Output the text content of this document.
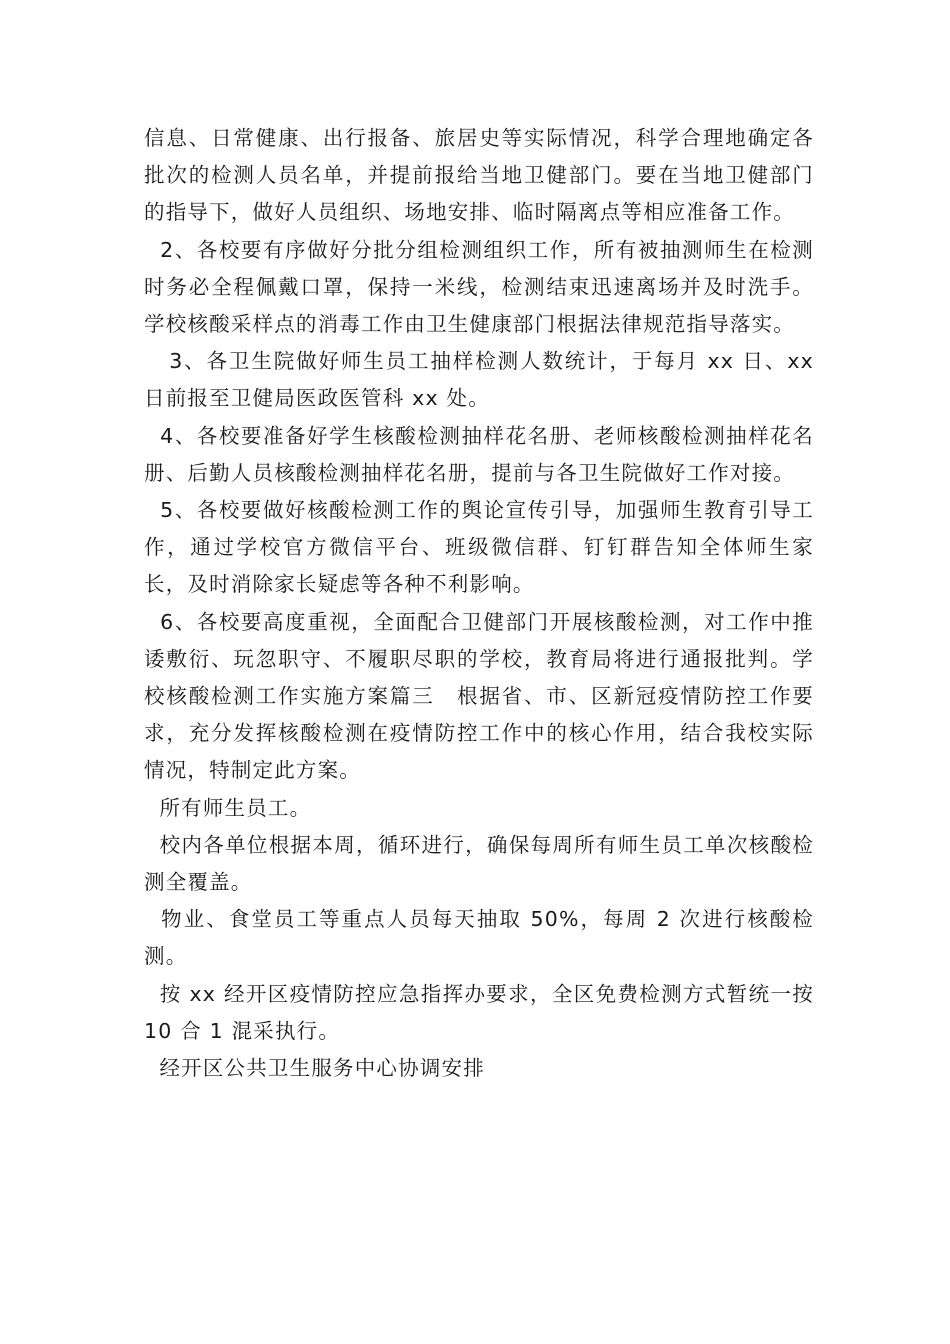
信息、日常健康、出行报备、旅居史等实际情况，科学合理地确定各批次的检测人员名单，并提前报给当地卫健部门。要在当地卫健部门的指导下，做好人员组织、场地安排、临时隔离点等相应准备工作。

2、各校要有序做好分批分组检测组织工作，所有被抽测师生在检测时务必全程佩戴口罩，保持一米线，检测结束迅速离场并及时洗手。学校核酸采样点的消毒工作由卫生健康部门根据法律规范指导落实。

3、各卫生院做好师生员工抽样检测人数统计，于每月 xx 日、xx 日前报至卫健局医政医管科 xx 处。

4、各校要准备好学生核酸检测抽样花名册、老师核酸检测抽样花名册、后勤人员核酸检测抽样花名册，提前与各卫生院做好工作对接。

5、各校要做好核酸检测工作的舆论宣传引导，加强师生教育引导工作，通过学校官方微信平台、班级微信群、钉钉群告知全体师生家长，及时消除家长疑虑等各种不利影响。

6、各校要高度重视，全面配合卫健部门开展核酸检测，对工作中推诿敷衍、玩忽职守、不履职尽职的学校，教育局将进行通报批判。学校核酸检测工作实施方案篇三　根据省、市、区新冠疫情防控工作要求，充分发挥核酸检测在疫情防控工作中的核心作用，结合我校实际情况，特制定此方案。

所有师生员工。

校内各单位根据本周，循环进行，确保每周所有师生员工单次核酸检测全覆盖。

物业、食堂员工等重点人员每天抽取 50%，每周 2 次进行核酸检测。

按 xx 经开区疫情防控应急指挥办要求，全区免费检测方式暂统一按 10 合 1 混采执行。

经开区公共卫生服务中心协调安排
